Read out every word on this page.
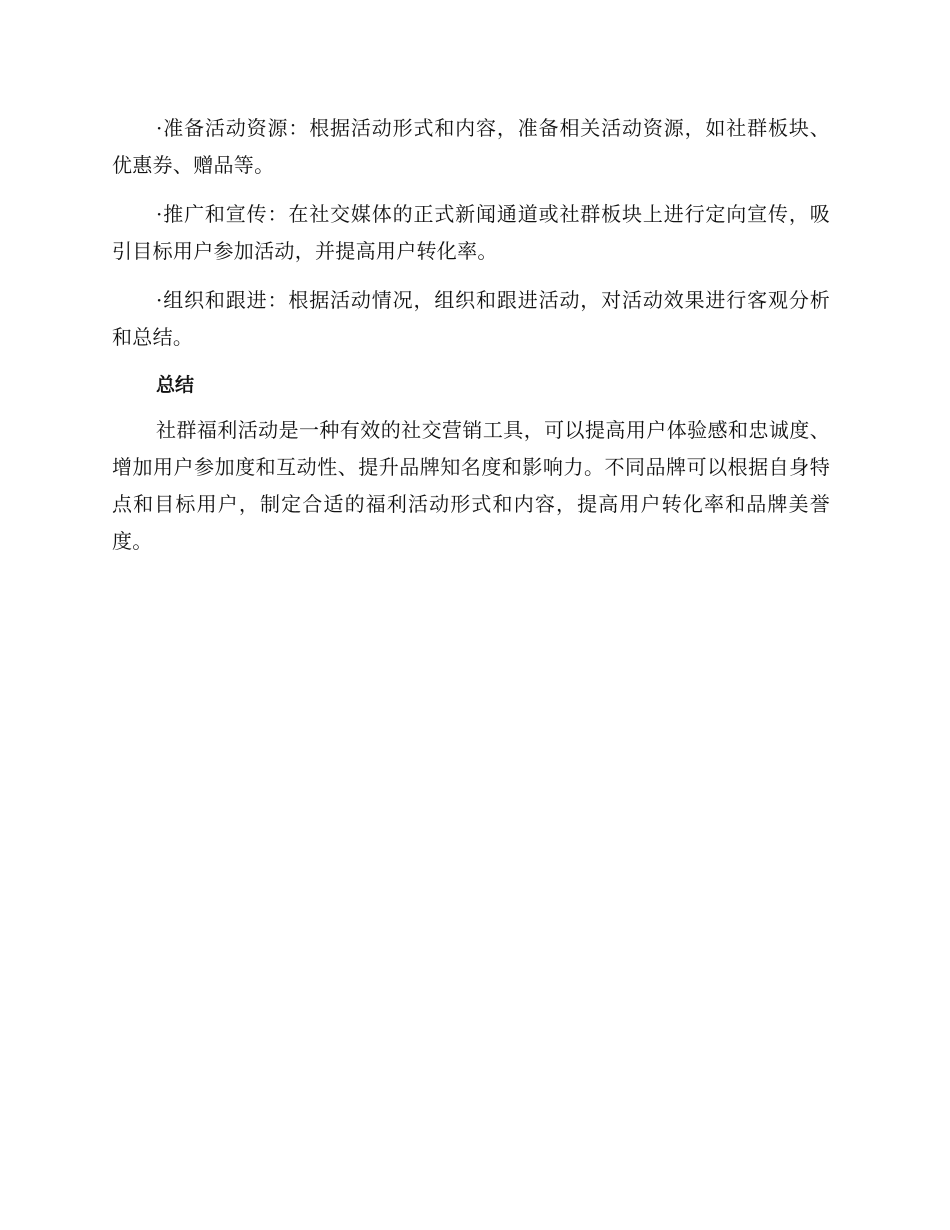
·准备活动资源：根据活动形式和内容，准备相关活动资源，如社群板块、优惠券、赠品等。

·推广和宣传：在社交媒体的正式新闻通道或社群板块上进行定向宣传，吸引目标用户参加活动，并提高用户转化率。

·组织和跟进：根据活动情况，组织和跟进活动，对活动效果进行客观分析和总结。

总结

社群福利活动是一种有效的社交营销工具，可以提高用户体验感和忠诚度、增加用户参加度和互动性、提升品牌知名度和影响力。不同品牌可以根据自身特点和目标用户，制定合适的福利活动形式和内容，提高用户转化率和品牌美誉度。
